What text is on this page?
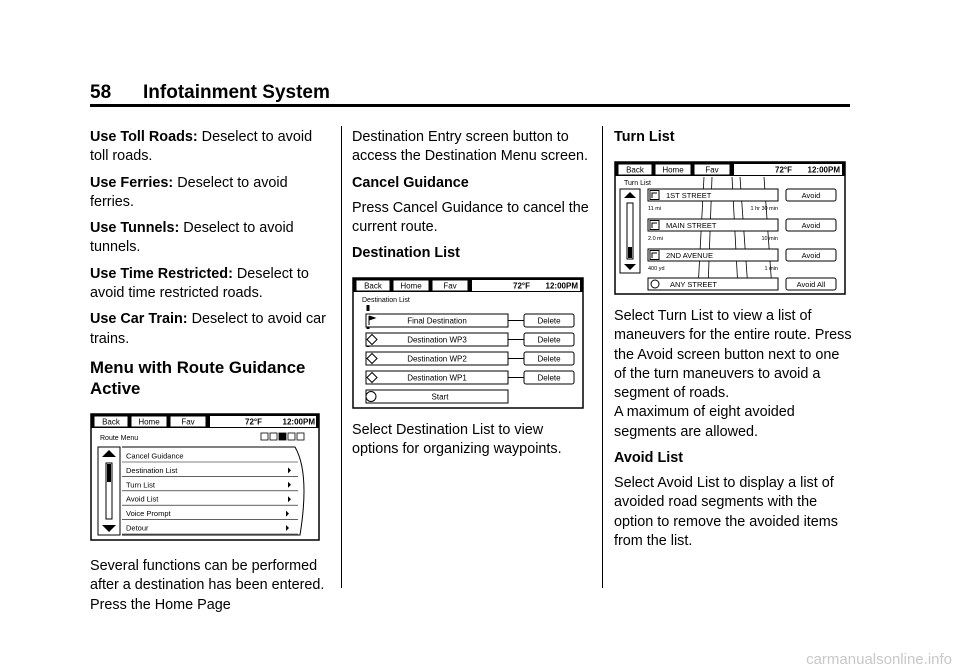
58 Infotainment System

Use Toll Roads: Deselect to avoid toll roads.

Use Ferries: Deselect to avoid ferries.

Use Tunnels: Deselect to avoid tunnels.

Use Time Restricted: Deselect to avoid time restricted roads.

Use Car Train: Deselect to avoid car trains.

Menu with Route Guidance Active
Back Home	Fav	72°F	12:00PM
Route Menu
Cancel Guidance
Destination List
Turn List
Avoid List
Voice Prompt
Detour

Several functions can be performed after a destination has been entered. Press the Home Page

Destination Entry screen button to access the Destination Menu screen.

Cancel Guidance

Press Cancel Guidance to cancel the current route.

Destination List
Back Home	Fav	72°F 12:00PM
Destination List
Final Destination	Delete
Destination WP3	Delete
Destination WP2	Delete
Destination WP1	Delete
Start

Select Destination List to view options for organizing waypoints.

Turn List
Back Home	Fav	72°F 12:00PM
Turn List
1ST STREET	Avoid
11 mi	1 hr 30 min
MAIN STREET	Avoid
2.0 mi	10 min
2ND AVENUE	Avoid
400 yd	1 min
ANY STREET	Avoid All

Select Turn List to view a list of maneuvers for the entire route. Press the Avoid screen button next to one of the turn maneuvers to avoid a segment of roads.

A maximum of eight avoided segments are allowed.

Avoid List

Select Avoid List to display a list of avoided road segments with the option to remove the avoided items from the list.

carmanualsonline.info
